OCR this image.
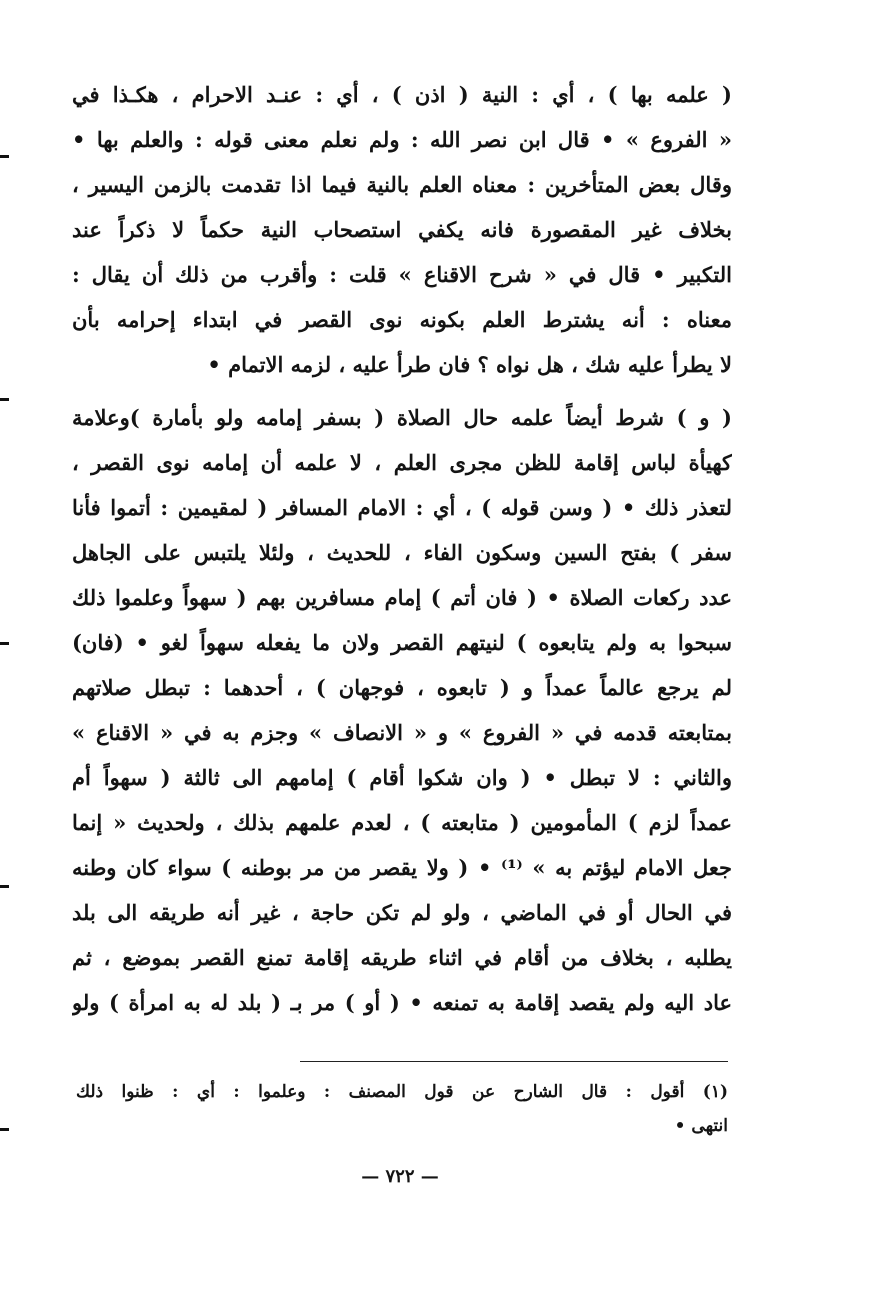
( علمه بها ) ، أي : النية ( اذن ) ، أي : عنـد الاحرام ، هكـذا في
« الفروع » • قال ابن نصر الله : ولم نعلم معنى قوله : والعلم بها •
وقال بعض المتأخرين : معناه العلم بالنية فيما اذا تقدمت بالزمن اليسير ،
بخلاف غير المقصورة فانه يكفي استصحاب النية حكماً لا ذكراً عند
التكبير • قال في « شرح الاقناع » قلت : وأقرب من ذلك أن يقال :
معناه : أنه يشترط العلم بكونه نوى القصر في ابتداء إحرامه بأن
لا يطرأ عليه شك ، هل نواه ؟ فان طرأ عليه ، لزمه الاتمام •
( و ) شرط أيضاً علمه حال الصلاة ( بسفر إمامه ولو بأمارة )وعلامة
كهيأة لباس إقامة للظن مجرى العلم ، لا علمه أن إمامه نوى القصر ،
لتعذر ذلك • ( وسن قوله ) ، أي : الامام المسافر ( لمقيمين : أتموا فأنا
سفر ) بفتح السين وسكون الفاء ، للحديث ، ولئلا يلتبس على الجاهل
عدد ركعات الصلاة • ( فان أتم ) إمام مسافرين بهم ( سهواً وعلموا ذلك
سبحوا به ولم يتابعوه ) لنيتهم القصر ولان ما يفعله سهواً لغو • (فان)
لم يرجع عالماً عمداً و ( تابعوه ، فوجهان ) ، أحدهما : تبطل صلاتهم
بمتابعته قدمه في « الفروع » و « الانصاف » وجزم به في « الاقناع »
والثاني : لا تبطل • ( وان شكوا أقام ) إمامهم الى ثالثة ( سهواً أم
عمداً لزم ) المأمومين ( متابعته ) ، لعدم علمهم بذلك ، ولحديث « إنما
جعل الامام ليؤتم به » ⁽¹⁾ • ( ولا يقصر من مر بوطنه ) سواء كان وطنه
في الحال أو في الماضي ، ولو لم تكن حاجة ، غير أنه طريقه الى بلد
يطلبه ، بخلاف من أقام في اثناء طريقه إقامة تمنع القصر بموضع ، ثم
عاد اليه ولم يقصد إقامة به تمنعه • ( أو ) مر بـ ( بلد له به امرأة ) ولو
(١) أقول : قال الشارح عن قول المصنف : وعلموا : أي : ظنوا ذلك
انتهى •
— ٧٢٢ —
